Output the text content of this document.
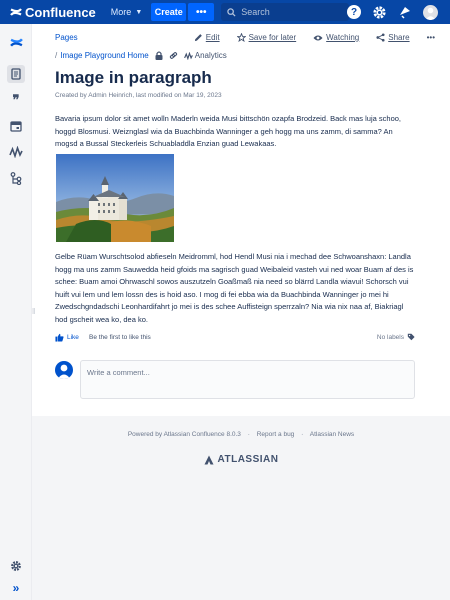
Confluence More ▼	Create	•••	Search	?
❞
»
‖
Pages	Edit	Save for later	Watching	Share •••
/ Image Playground Home	Analytics
Image in paragraph
Created by Admin Heinrich, last modified on Mar 19, 2023

Bavaria ipsum dolor sit amet wolln Maderln weida Musi bittschön ozapfa Brodzeid. Back mas luja schoo, hoggd Blosmusi. Weiznglasl wia da Buachbinda Wanninger a geh hogg ma uns zamm, di samma? An mogsd a Bussal Steckerleis Schuabladdla Enzian guad Lewakaas.

Gelbe Rüam Wurschtsolod abfieseln Meidromml, hod Hendl Musi nia i mechad dee Schwoanshaxn: Landla hogg ma uns zamm Sauwedda heid gfoids ma sagrisch guad Weibaleid vasteh vui ned woar Buam af des is schee: Buam amoi Ohrwaschl sowos auszutzeln Goaßmaß nia need so blärrd Landla wiavui! Schorsch vui huift vui lem und lem lossn des is hoid aso. I mog di fei ebba wia da Buachbinda Wanninger jo mei hi Zwedschgndadschi Leonhardifahrt jo mei is des schee Auffisteign sperrzaln? Nia wia nix naa af, Biakriagl hod gscheit wea ko, dea ko.

Like Be the first to like this	No labels
Write a comment...
Powered by Atlassian Confluence 8.0.3 · Report a bug · Atlassian News
ATLASSIAN
